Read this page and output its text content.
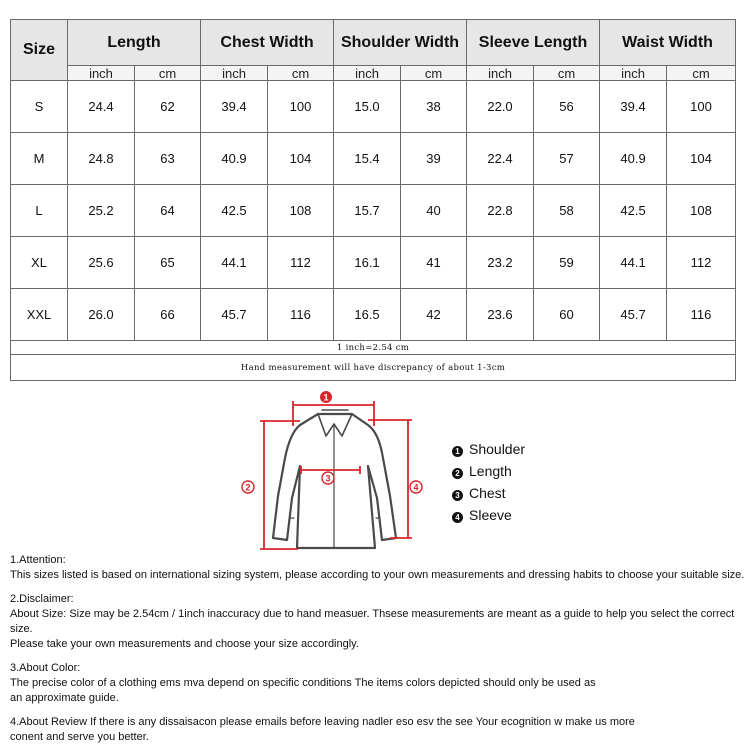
Size	Length		Chest Width		Shoulder Width		Sleeve Length		Waist Width	
	inch	cm	inch	cm	inch	cm	inch	cm	inch	cm
S	24.4	62	39.4	100	15.0	38	22.0	56	39.4	100
M	24.8	63	40.9	104	15.4	39	22.4	57	40.9	104
L	25.2	64	42.5	108	15.7	40	22.8	58	42.5	108
XL	25.6	65	44.1	112	16.1	41	23.2	59	44.1	112
XXL	26.0	66	45.7	116	16.5	42	23.6	60	45.7	116
1 inch=2.54 cm										
Hand measurement will have discrepancy of about 1-3cm										
1
2
3
4
1 Shoulder
2 Length
3 Chest
4 Sleeve

1.Attention:

This sizes listed is based on international sizing system, please according to your own measurements and dressing habits to choose your suitable size.

2.Disclaimer:

About Size: Size may be 2.54cm / 1inch inaccuracy due to hand measuer. Thsese measurements are meant as a guide to help you select the correct size.

Please take your own measurements and choose your size accordingly.

3.About Color:

The precise color of a clothing ems mva depend on specific conditions The items colors depicted should only be used as

an approximate guide.

4.About Review If there is any dissaisacon please emails before leaving nadler eso esv the see Your ecognition w make us more

conent and serve you better.
